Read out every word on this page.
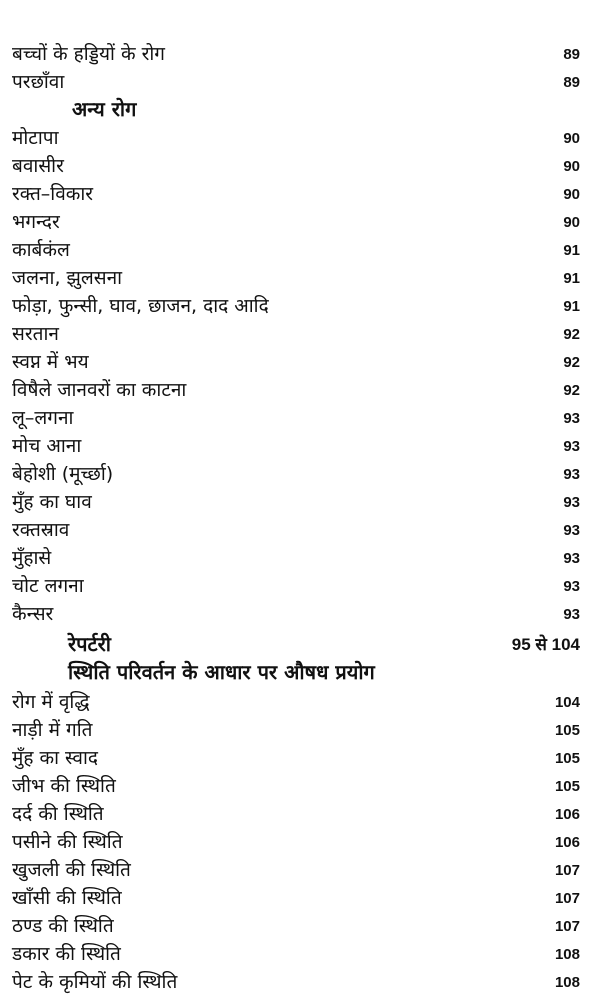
बच्चों के हड्डियों के रोग	89
परछाँवा	89
अन्य रोग
मोटापा	90
बवासीर	90
रक्त–विकार	90
भगन्दर	90
कार्बकंल	91
जलना, झुलसना	91
फोड़ा, फुन्सी, घाव, छाजन, दाद आदि	91
सरतान	92
स्वप्न में भय	92
विषैले जानवरों का काटना	92
लू–लगना	93
मोच आना	93
बेहोशी (मूर्च्छा)	93
मुँह का घाव	93
रक्तस्राव	93
मुँहासे	93
चोट लगना	93
कैन्सर	93
रेपर्टरी	95 से 104
स्थिति परिवर्तन के आधार पर औषध प्रयोग
रोग में वृद्धि	104
नाड़ी में गति	105
मुँह का स्वाद	105
जीभ की स्थिति	105
दर्द की स्थिति	106
पसीने की स्थिति	106
खुजली की स्थिति	107
खाँसी की स्थिति	107
ठण्ड की स्थिति	107
डकार की स्थिति	108
पेट के कृमियों की स्थिति	108
